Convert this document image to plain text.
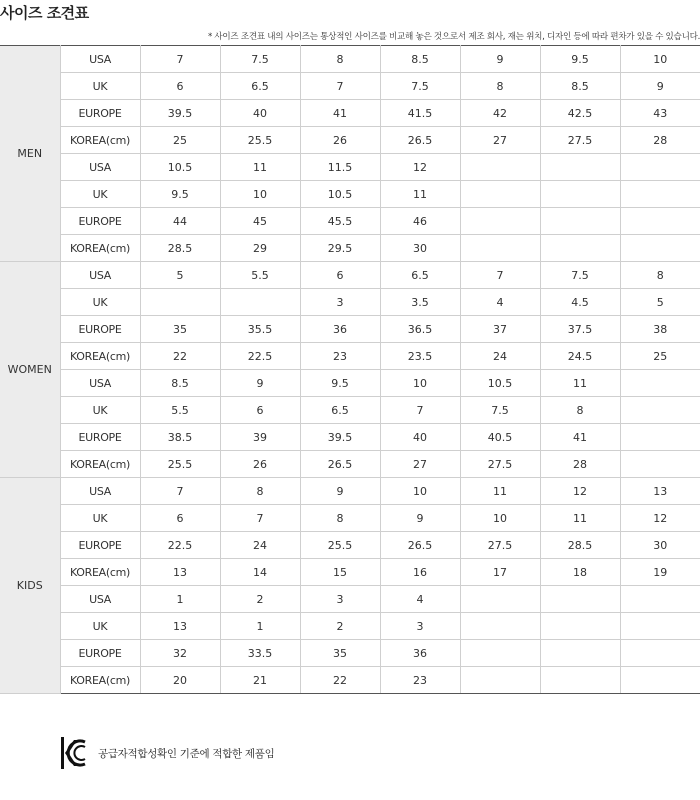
사이즈 조견표
* 사이즈 조견표 내의 사이즈는 통상적인 사이즈를 비교해 놓은 것으로서 제조 회사, 재는 위치, 디자인 등에 따라 편차가 있을 수 있습니다.
MEN	USA	7	7.5	8	8.5	9	9.5	10
	UK	6	6.5	7	7.5	8	8.5	9
	EUROPE	39.5	40	41	41.5	42	42.5	43
	KOREA(cm)	25	25.5	26	26.5	27	27.5	28
	USA	10.5	11	11.5	12			
	UK	9.5	10	10.5	11			
	EUROPE	44	45	45.5	46			
	KOREA(cm)	28.5	29	29.5	30			
WOMEN	USA	5	5.5	6	6.5	7	7.5	8
	UK			3	3.5	4	4.5	5
	EUROPE	35	35.5	36	36.5	37	37.5	38
	KOREA(cm)	22	22.5	23	23.5	24	24.5	25
	USA	8.5	9	9.5	10	10.5	11	
	UK	5.5	6	6.5	7	7.5	8	
	EUROPE	38.5	39	39.5	40	40.5	41	
	KOREA(cm)	25.5	26	26.5	27	27.5	28	
KIDS	USA	7	8	9	10	11	12	13
	UK	6	7	8	9	10	11	12
	EUROPE	22.5	24	25.5	26.5	27.5	28.5	30
	KOREA(cm)	13	14	15	16	17	18	19
	USA	1	2	3	4			
	UK	13	1	2	3			
	EUROPE	32	33.5	35	36			
	KOREA(cm)	20	21	22	23			
공급자적합성확인 기준에 적합한 제품임
